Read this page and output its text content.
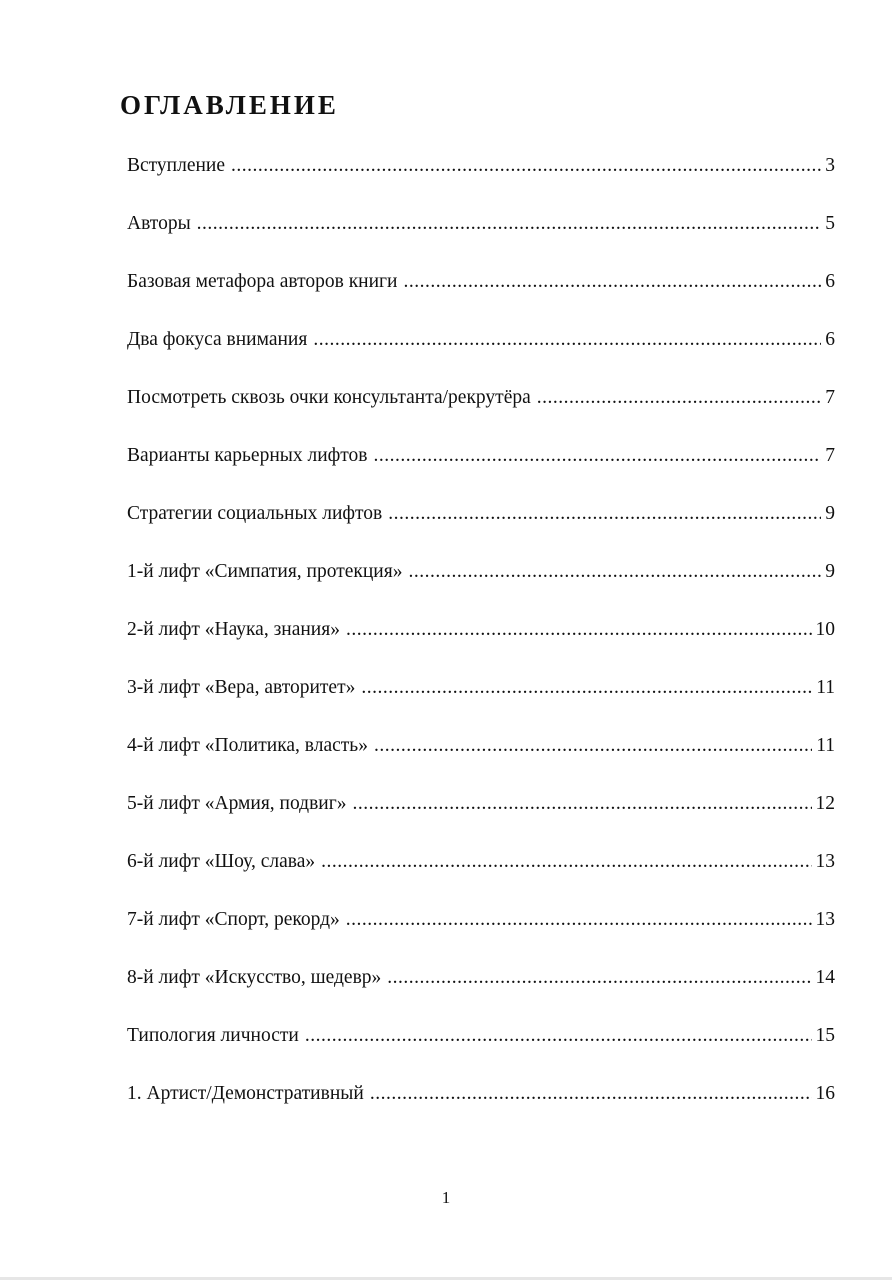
ОГЛАВЛЕНИЕ
Вступление .....	3
Авторы .....	5
Базовая метафора авторов книги .....	6
Два фокуса внимания .....	6
Посмотреть сквозь очки консультанта/рекрутёра .....	7
Варианты карьерных лифтов .....	7
Стратегии социальных лифтов .....	9
1-й лифт «Симпатия, протекция» .....	9
2-й лифт «Наука, знания» .....	10
3-й лифт «Вера, авторитет» .....	11
4-й лифт «Политика, власть» .....	11
5-й лифт «Армия, подвиг» .....	12
6-й лифт «Шоу, слава» .....	13
7-й лифт «Спорт, рекорд» .....	13
8-й лифт «Искусство, шедевр» .....	14
Типология личности .....	15
1. Артист/Демонстративный .....	16
1
